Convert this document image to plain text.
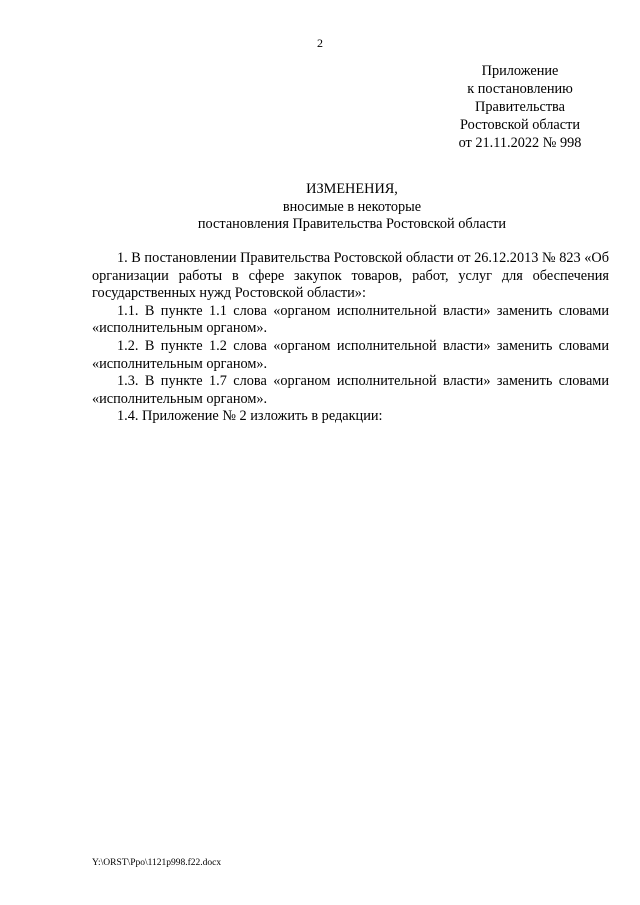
2
Приложение
к постановлению
Правительства
Ростовской области
от 21.11.2022 № 998
ИЗМЕНЕНИЯ,
вносимые в некоторые
постановления Правительства Ростовской области

1. В постановлении Правительства Ростовской области от 26.12.2013 № 823 «Об организации работы в сфере закупок товаров, работ, услуг для обеспечения государственных нужд Ростовской области»:

1.1. В пункте 1.1 слова «органом исполнительной власти» заменить словами «исполнительным органом».

1.2. В пункте 1.2 слова «органом исполнительной власти» заменить словами «исполнительным органом».

1.3. В пункте 1.7 слова «органом исполнительной власти» заменить словами «исполнительным органом».

1.4. Приложение № 2 изложить в редакции:

Y:\ORST\Ppo\1121p998.f22.docx
